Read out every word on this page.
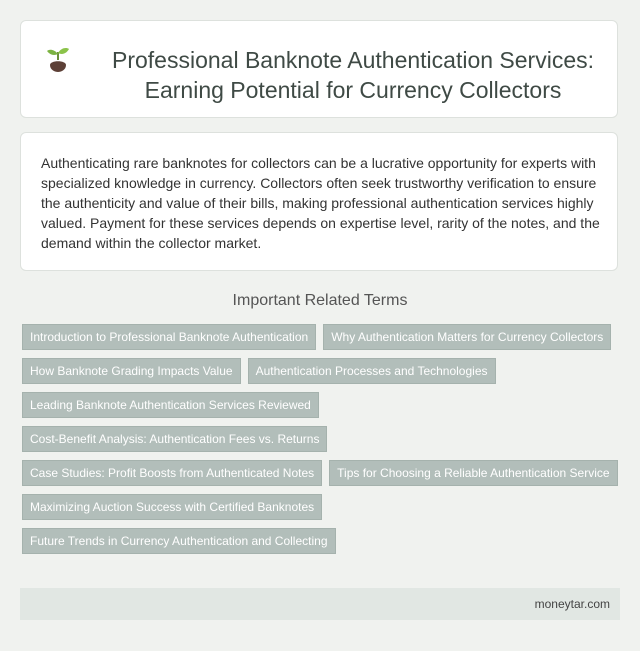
Professional Banknote Authentication Services: Earning Potential for Currency Collectors

Authenticating rare banknotes for collectors can be a lucrative opportunity for experts with specialized knowledge in currency. Collectors often seek trustworthy verification to ensure the authenticity and value of their bills, making professional authentication services highly valued. Payment for these services depends on expertise level, rarity of the notes, and the demand within the collector market.

Important Related Terms
Introduction to Professional Banknote Authentication	Why Authentication Matters for Currency Collectors
How Banknote Grading Impacts Value	Authentication Processes and Technologies
Leading Banknote Authentication Services Reviewed
Cost-Benefit Analysis: Authentication Fees vs. Returns
Case Studies: Profit Boosts from Authenticated Notes	Tips for Choosing a Reliable Authentication Service
Maximizing Auction Success with Certified Banknotes
Future Trends in Currency Authentication and Collecting
moneytar.com
